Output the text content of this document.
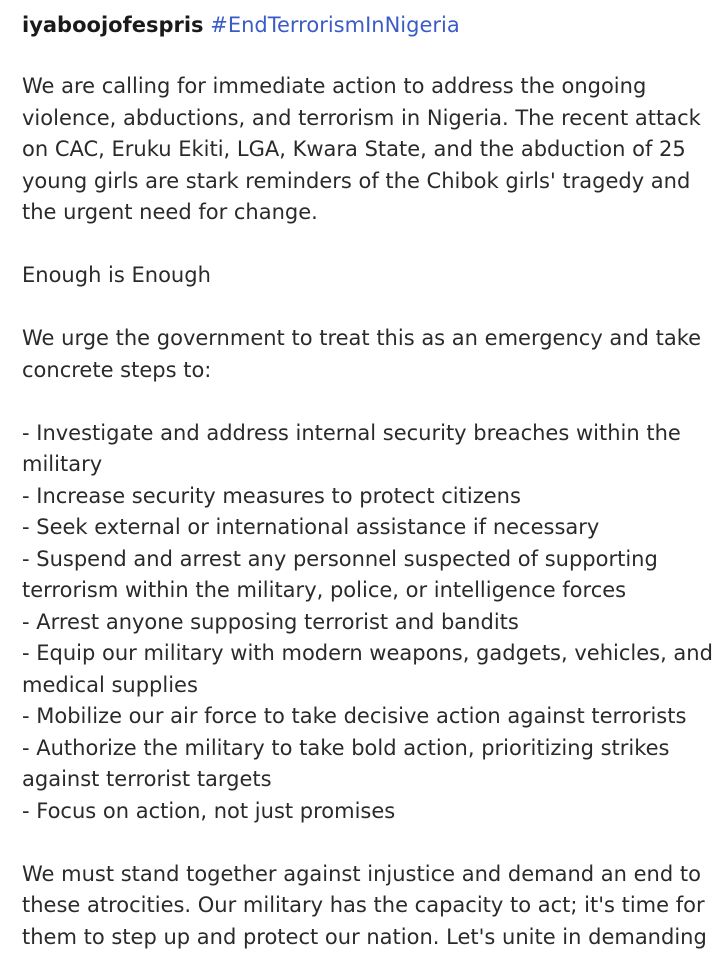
iyaboojofespris #EndTerrorismInNigeria

We are calling for immediate action to address the ongoing violence, abductions, and terrorism in Nigeria. The recent attack on CAC, Eruku Ekiti, LGA, Kwara State, and the abduction of 25 young girls are stark reminders of the Chibok girls' tragedy and the urgent need for change.

Enough is Enough

We urge the government to treat this as an emergency and take concrete steps to:

- Investigate and address internal security breaches within the military
- Increase security measures to protect citizens
- Seek external or international assistance if necessary
- Suspend and arrest any personnel suspected of supporting terrorism within the military, police, or intelligence forces
- Arrest anyone supposing terrorist and bandits
- Equip our military with modern weapons, gadgets, vehicles, and medical supplies
- Mobilize our air force to take decisive action against terrorists
- Authorize the military to take bold action, prioritizing strikes against terrorist targets
- Focus on action, not just promises

We must stand together against injustice and demand an end to these atrocities. Our military has the capacity to act; it's time for them to step up and protect our nation. Let's unite in demanding
